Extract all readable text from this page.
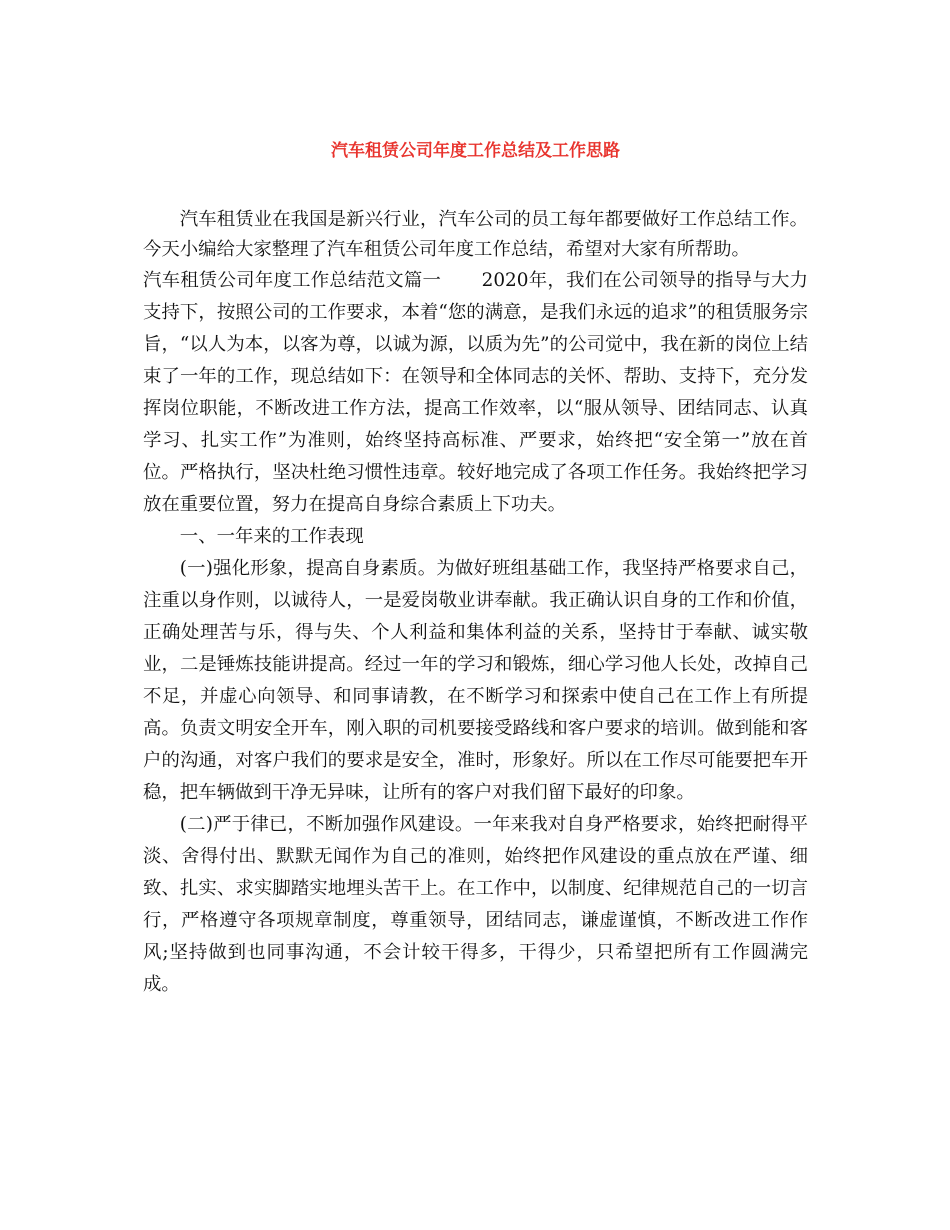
汽车租赁公司年度工作总结及工作思路

汽车租赁业在我国是新兴行业，汽车公司的员工每年都要做好工作总结工作。今天小编给大家整理了汽车租赁公司年度工作总结，希望对大家有所帮助。

汽车租赁公司年度工作总结范文篇一 2020年，我们在公司领导的指导与大力支持下，按照公司的工作要求，本着“您的满意，是我们永远的追求”的租赁服务宗旨，“以人为本，以客为尊，以诚为源，以质为先”的公司觉中，我在新的岗位上结束了一年的工作，现总结如下：在领导和全体同志的关怀、帮助、支持下，充分发挥岗位职能，不断改进工作方法，提高工作效率，以“服从领导、团结同志、认真学习、扎实工作”为准则，始终坚持高标准、严要求，始终把“安全第一”放在首位。严格执行，坚决杜绝习惯性违章。较好地完成了各项工作任务。我始终把学习放在重要位置，努力在提高自身综合素质上下功夫。

一、一年来的工作表现

(一)强化形象，提高自身素质。为做好班组基础工作，我坚持严格要求自己，注重以身作则，以诚待人，一是爱岗敬业讲奉献。我正确认识自身的工作和价值，正确处理苦与乐，得与失、个人利益和集体利益的关系，坚持甘于奉献、诚实敬业，二是锤炼技能讲提高。经过一年的学习和锻炼，细心学习他人长处，改掉自己不足，并虚心向领导、和同事请教，在不断学习和探索中使自己在工作上有所提高。负责文明安全开车，刚入职的司机要接受路线和客户要求的培训。做到能和客户的沟通，对客户我们的要求是安全，准时，形象好。所以在工作尽可能要把车开稳，把车辆做到干净无异味，让所有的客户对我们留下最好的印象。

(二)严于律已，不断加强作风建设。一年来我对自身严格要求，始终把耐得平淡、舍得付出、默默无闻作为自己的准则，始终把作风建设的重点放在严谨、细致、扎实、求实脚踏实地埋头苦干上。在工作中，以制度、纪律规范自己的一切言行，严格遵守各项规章制度，尊重领导，团结同志，谦虚谨慎，不断改进工作作风;坚持做到也同事沟通，不会计较干得多，干得少，只希望把所有工作圆满完成。
